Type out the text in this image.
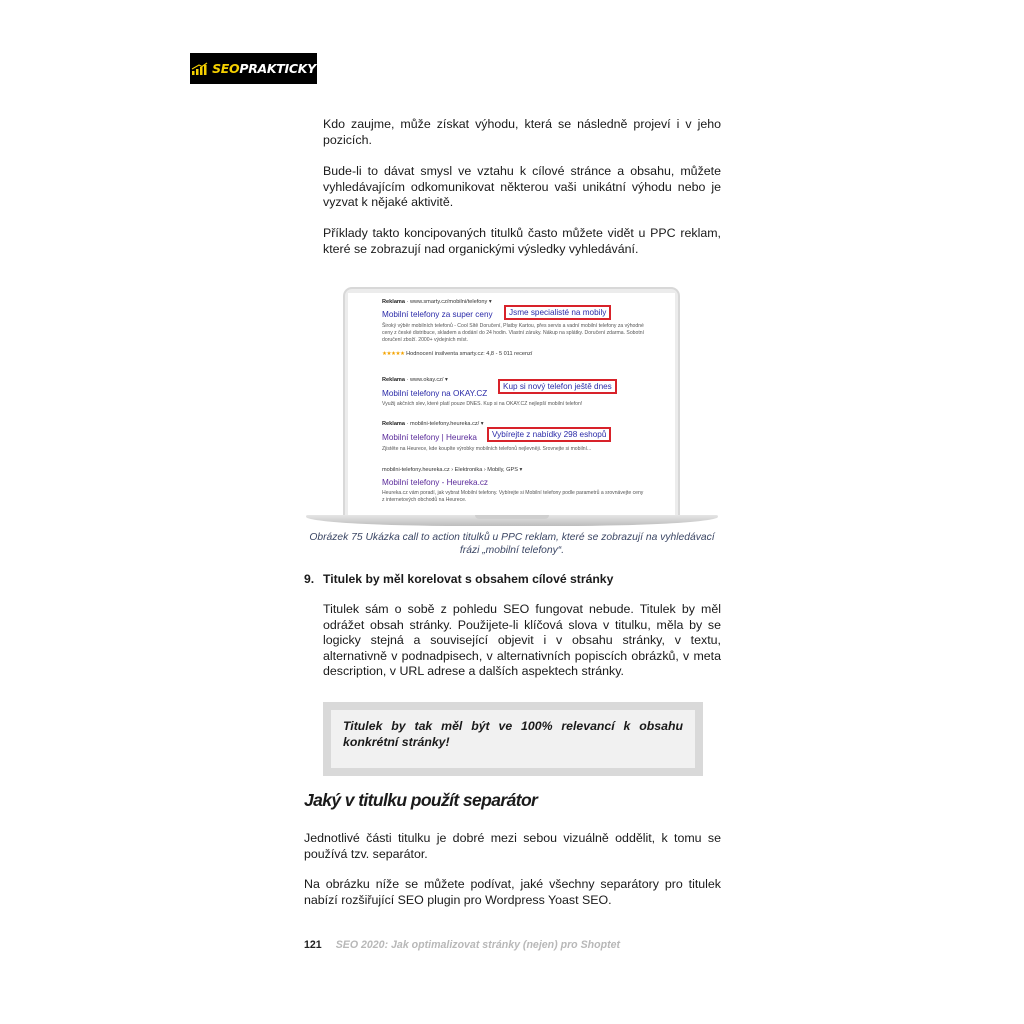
SEOPRAKTICKY

Kdo zaujme, může získat výhodu, která se následně projeví i v jeho pozicích.

Bude-li to dávat smysl ve vztahu k cílové stránce a obsahu, můžete vyhledávajícím odkomunikovat některou vaši unikátní výhodu nebo je vyzvat k nějaké aktivitě.

Příklady takto koncipovaných titulků často můžete vidět u PPC reklam, které se zobrazují nad organickými výsledky vyhledávání.

Reklama · www.smarty.cz/mobilni/telefony ▾
Mobilní telefony za super ceny	Jsme specialisté na mobily
Široký výběr mobilních telefonů - Cool Sítě Doručení, Platby Kartou, přes servis a vadní mobilní telefony za výhodné ceny z české distribuce, skladem a dodání do 24 hodin. Vlastní záruky. Nákup na splátky. Doručení zdarma. Sobotní doručení zboží. 2000+ výdejních míst.
★★★★★ Hodnocení insilventa smarty.cz: 4,8 - 5 011 recenzí
Reklama · www.okay.cz/ ▾
Mobilní telefony na OKAY.CZ
Kup si nový telefon ještě dnes
Využij akčních slev, které platí pouze DNES. Kup si na OKAY.CZ nejlepší mobilní telefon!
Reklama · mobilni-telefony.heureka.cz/ ▾
Mobilní telefony | Heureka	Vybírejte z nabídky 298 eshopů
Zjistěte na Heurece, kde koupíte výrobky mobilních telefonů nejlevněji. Srovnejte si mobilní...
mobilni-telefony.heureka.cz › Elektronika › Mobily, GPS ▾
Mobilní telefony - Heureka.cz
Heureka.cz vám poradí, jak vybrat Mobilní telefony. Vybírejte si Mobilní telefony podle parametrů a srovnávejte ceny z internetových obchodů na Heurece.
Obrázek 75 Ukázka call to action titulků u PPC reklam, které se zobrazují na vyhledávací frázi „mobilní telefony“.
9. Titulek by měl korelovat s obsahem cílové stránky

Titulek sám o sobě z pohledu SEO fungovat nebude. Titulek by měl odrážet obsah stránky. Použijete-li klíčová slova v titulku, měla by se logicky stejná a související objevit i v obsahu stránky, v textu, alternativně v podnadpisech, v alternativních popiscích obrázků, v meta description, v URL adrese a dalších aspektech stránky.

Titulek by tak měl být ve 100% relevancí k obsahu konkrétní stránky!
Jaký v titulku použít separátor

Jednotlivé části titulku je dobré mezi sebou vizuálně oddělit, k tomu se používá tzv. separátor.

Na obrázku níže se můžete podívat, jaké všechny separátory pro titulek nabízí rozšiřující SEO plugin pro Wordpress Yoast SEO.

121 SEO 2020: Jak optimalizovat stránky (nejen) pro Shoptet
